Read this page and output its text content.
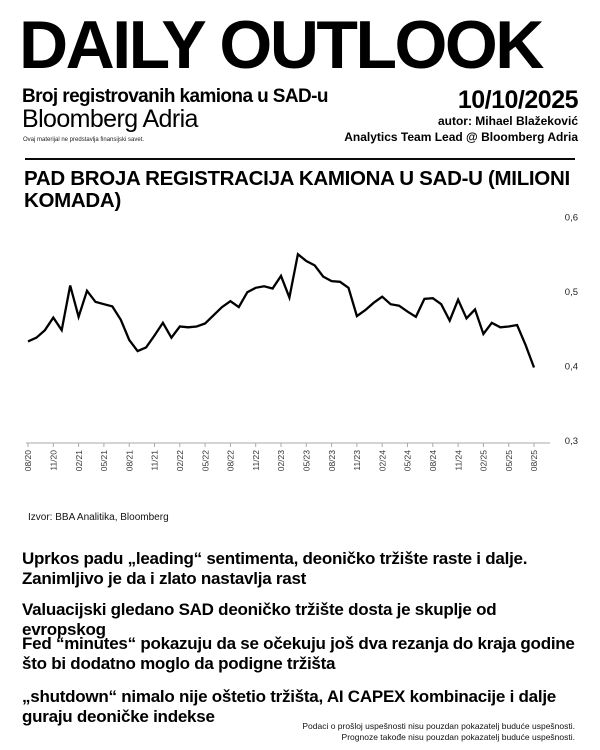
DAILY OUTLOOK
Broj registrovanih kamiona u SAD-u
Bloomberg Adria
Ovaj materijal ne predstavlja finansijski savet.
10/10/2025
autor: Mihael Blažeković
Analytics Team Lead @ Bloomberg Adria
PAD BROJA REGISTRACIJA KAMIONA U SAD-U (MILIONI KOMADA)
08/20 11/20 02/21 05/21 08/21 11/21 02/22 05/22 08/22 11/22 02/23 05/23 08/23 11/23 02/24 05/24 08/24 11/24 02/25 05/25 08/25
0,6
0,5
0,4
0,3
Izvor: BBA Analitika, Bloomberg
Uprkos padu „leading“ sentimenta, deoničko tržište raste i dalje. Zanimljivo je da i zlato nastavlja rast
Valuacijski gledano SAD deoničko tržište dosta je skuplje od evropskog
Fed “minutes“ pokazuju da se očekuju još dva rezanja do kraja godine što bi dodatno moglo da podigne tržišta
„shutdown“ nimalo nije oštetio tržišta, AI CAPEX kombinacije i dalje guraju deoničke indekse	Podaci o prošloj uspešnosti nisu pouzdan pokazatelj buduće uspešnosti.
Prognoze takođe nisu pouzdan pokazatelj buduće uspešnosti.
